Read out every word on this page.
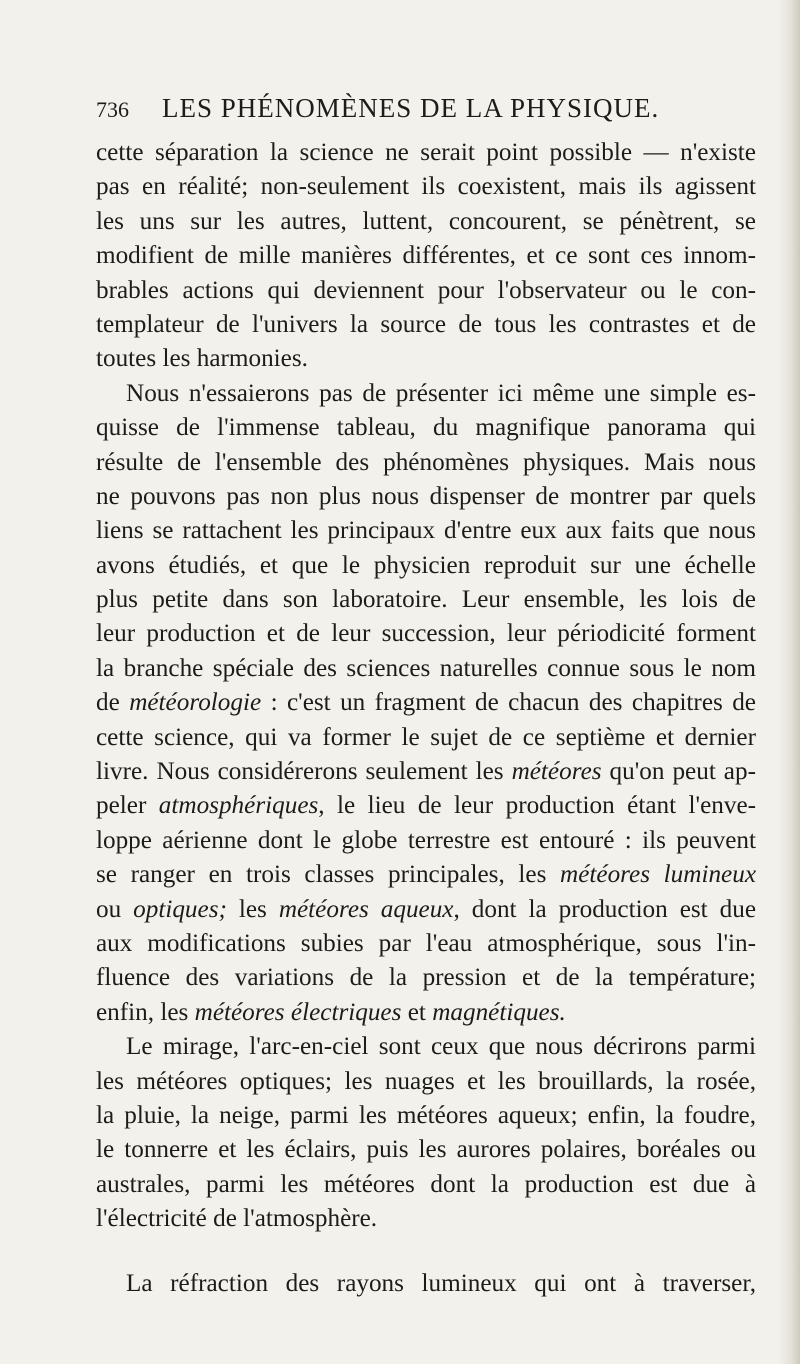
736 LES PHÉNOMÈNES DE LA PHYSIQUE.
cette séparation la science ne serait point possible — n'existe
pas en réalité; non-seulement ils coexistent, mais ils agissent
les uns sur les autres, luttent, concourent, se pénètrent, se
modifient de mille manières différentes, et ce sont ces innom-
brables actions qui deviennent pour l'observateur ou le con-
templateur de l'univers la source de tous les contrastes et de
toutes les harmonies.
Nous n'essaierons pas de présenter ici même une simple es-
quisse de l'immense tableau, du magnifique panorama qui
résulte de l'ensemble des phénomènes physiques. Mais nous
ne pouvons pas non plus nous dispenser de montrer par quels
liens se rattachent les principaux d'entre eux aux faits que nous
avons étudiés, et que le physicien reproduit sur une échelle
plus petite dans son laboratoire. Leur ensemble, les lois de
leur production et de leur succession, leur périodicité forment
la branche spéciale des sciences naturelles connue sous le nom
de météorologie : c'est un fragment de chacun des chapitres de
cette science, qui va former le sujet de ce septième et dernier
livre. Nous considérerons seulement les météores qu'on peut ap-
peler atmosphériques, le lieu de leur production étant l'enve-
loppe aérienne dont le globe terrestre est entouré : ils peuvent
se ranger en trois classes principales, les météores lumineux
ou optiques; les météores aqueux, dont la production est due
aux modifications subies par l'eau atmosphérique, sous l'in-
fluence des variations de la pression et de la température;
enfin, les météores électriques et magnétiques.
Le mirage, l'arc-en-ciel sont ceux que nous décrirons parmi
les météores optiques; les nuages et les brouillards, la rosée,
la pluie, la neige, parmi les météores aqueux; enfin, la foudre,
le tonnerre et les éclairs, puis les aurores polaires, boréales ou
australes, parmi les météores dont la production est due à
l'électricité de l'atmosphère.
La réfraction des rayons lumineux qui ont à traverser,
